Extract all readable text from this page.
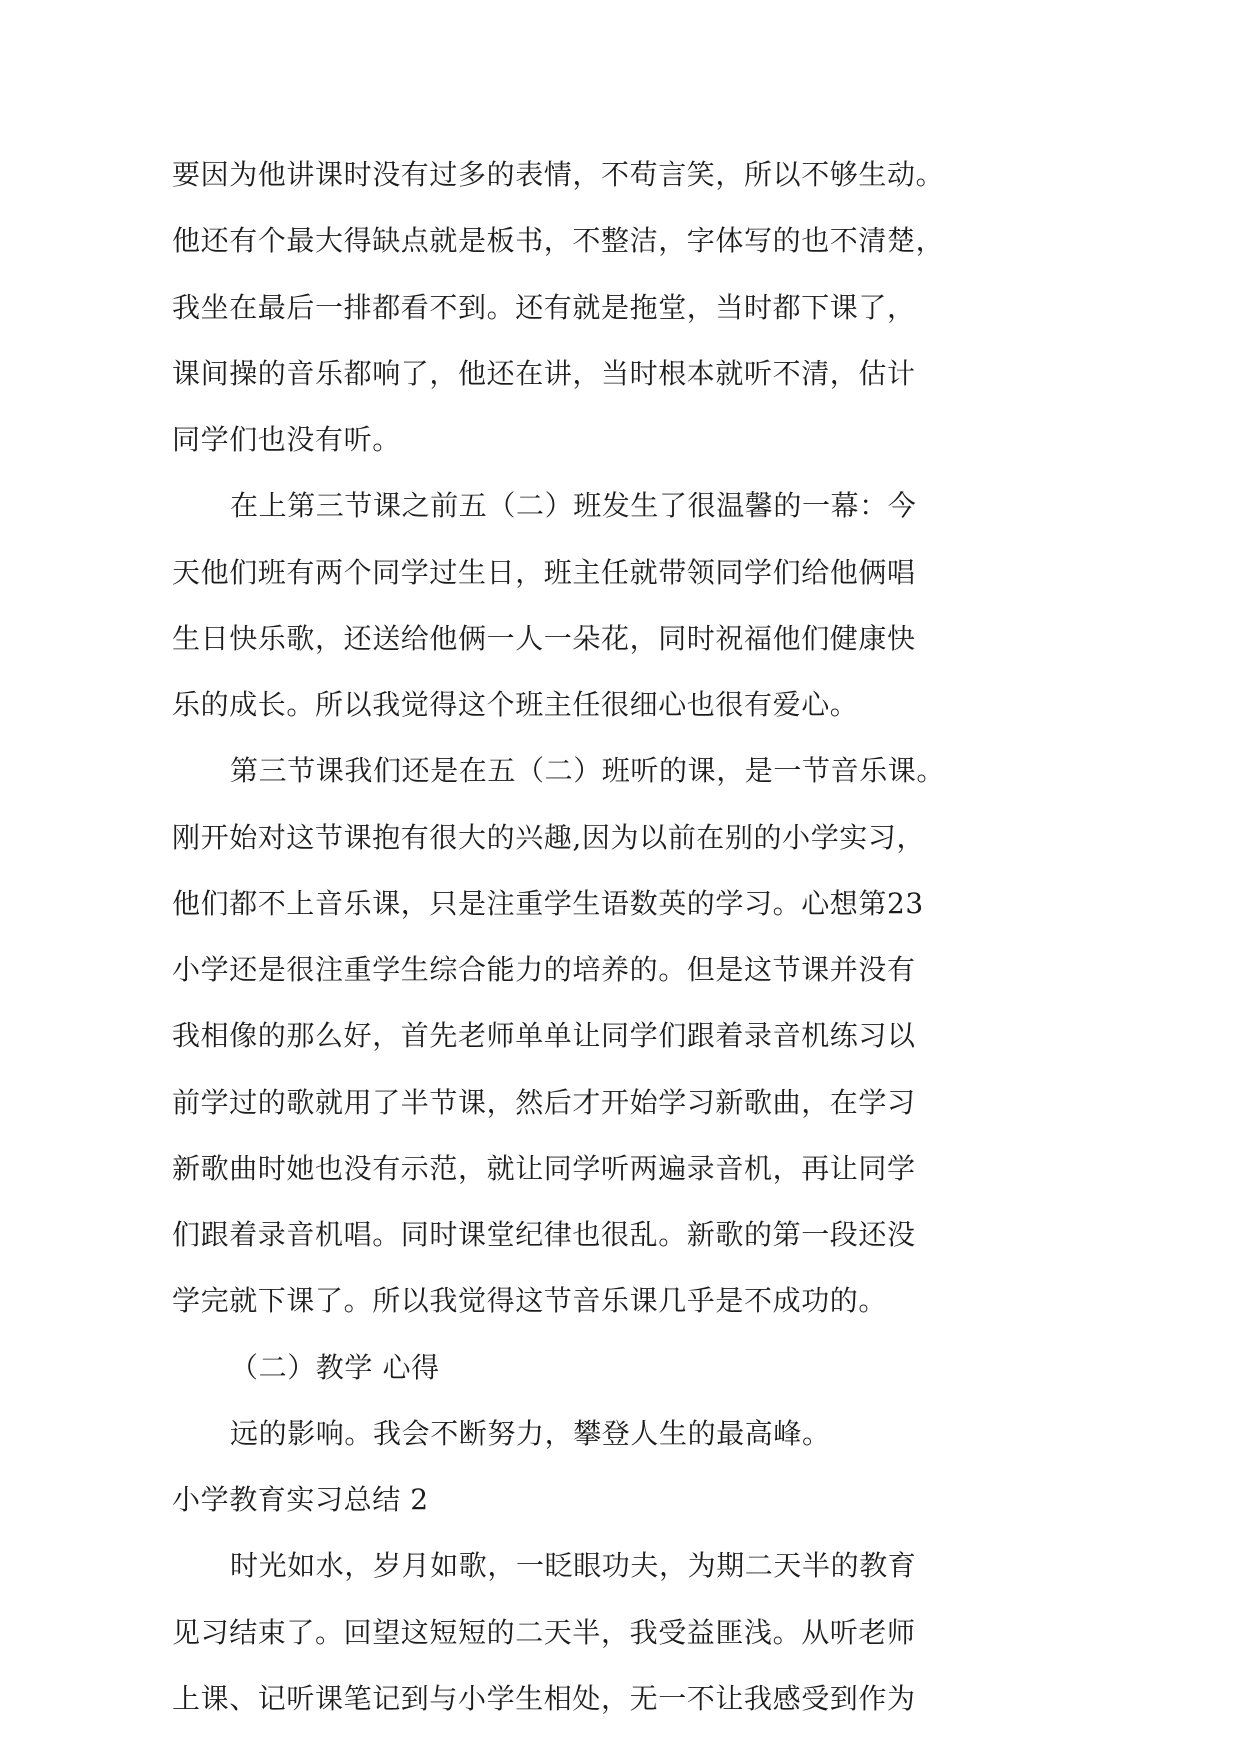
要因为他讲课时没有过多的表情，不苟言笑，所以不够生动。
他还有个最大得缺点就是板书，不整洁，字体写的也不清楚，
我坐在最后一排都看不到。还有就是拖堂，当时都下课了，
课间操的音乐都响了，他还在讲，当时根本就听不清，估计
同学们也没有听。
在上第三节课之前五（二）班发生了很温馨的一幕：今
天他们班有两个同学过生日，班主任就带领同学们给他俩唱
生日快乐歌，还送给他俩一人一朵花，同时祝福他们健康快
乐的成长。所以我觉得这个班主任很细心也很有爱心。
第三节课我们还是在五（二）班听的课，是一节音乐课。
刚开始对这节课抱有很大的兴趣,因为以前在别的小学实习，
他们都不上音乐课，只是注重学生语数英的学习。心想第23
小学还是很注重学生综合能力的培养的。但是这节课并没有
我相像的那么好，首先老师单单让同学们跟着录音机练习以
前学过的歌就用了半节课，然后才开始学习新歌曲，在学习
新歌曲时她也没有示范，就让同学听两遍录音机，再让同学
们跟着录音机唱。同时课堂纪律也很乱。新歌的第一段还没
学完就下课了。所以我觉得这节音乐课几乎是不成功的。
（二）教学 心得
远的影响。我会不断努力，攀登人生的最高峰。
小学教育实习总结 2
时光如水，岁月如歌，一眨眼功夫，为期二天半的教育
见习结束了。回望这短短的二天半，我受益匪浅。从听老师
上课、记听课笔记到与小学生相处，无一不让我感受到作为
